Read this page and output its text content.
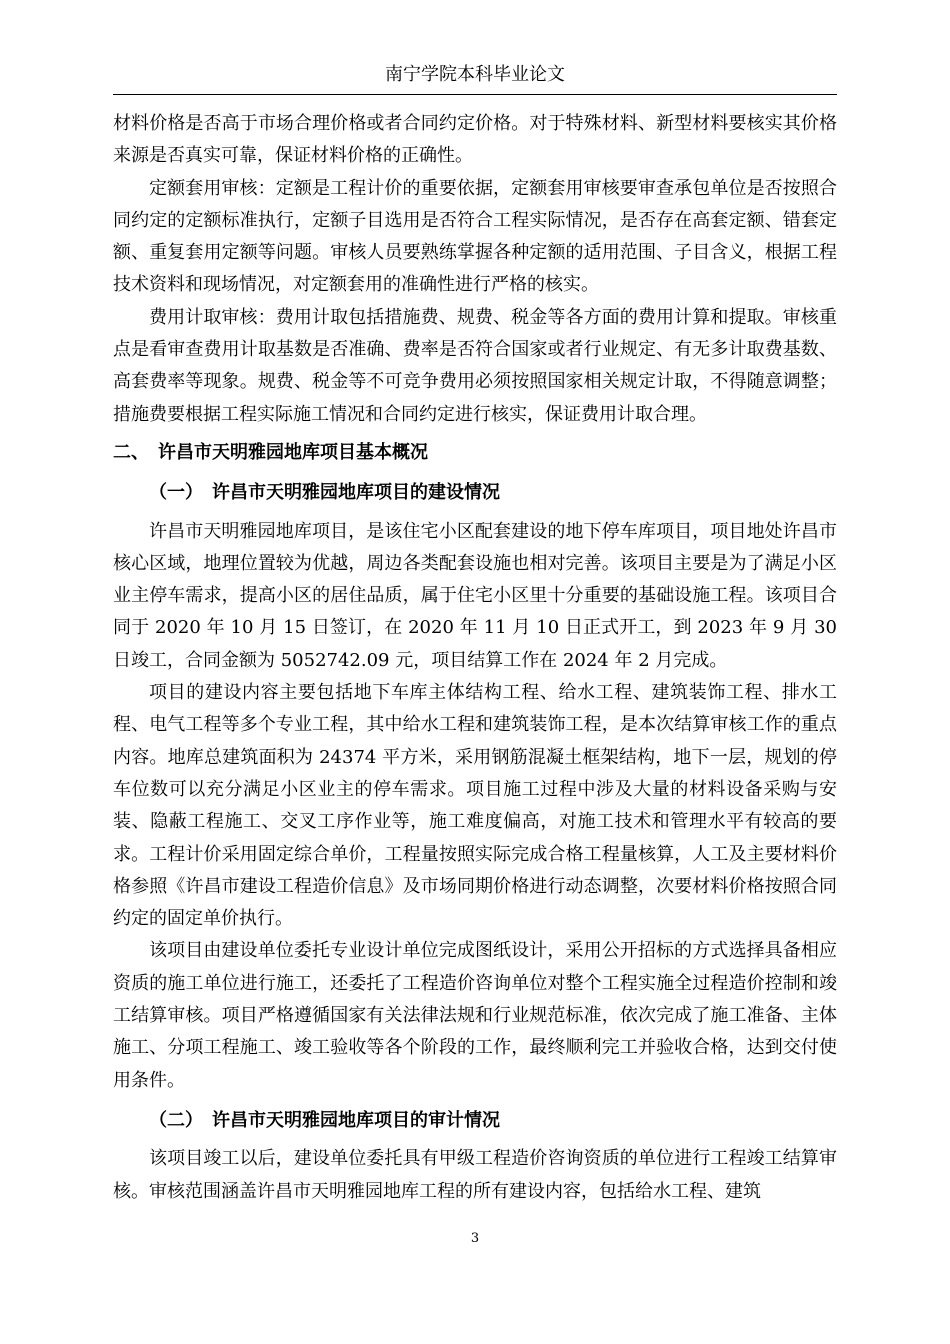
南宁学院本科毕业论文

材料价格是否高于市场合理价格或者合同约定价格。对于特殊材料、新型材料要核实其价格来源是否真实可靠，保证材料价格的正确性。

定额套用审核：定额是工程计价的重要依据，定额套用审核要审查承包单位是否按照合同约定的定额标准执行，定额子目选用是否符合工程实际情况，是否存在高套定额、错套定额、重复套用定额等问题。审核人员要熟练掌握各种定额的适用范围、子目含义，根据工程技术资料和现场情况，对定额套用的准确性进行严格的核实。

费用计取审核：费用计取包括措施费、规费、税金等各方面的费用计算和提取。审核重点是看审查费用计取基数是否准确、费率是否符合国家或者行业规定、有无多计取费基数、高套费率等现象。规费、税金等不可竞争费用必须按照国家相关规定计取，不得随意调整；措施费要根据工程实际施工情况和合同约定进行核实，保证费用计取合理。

二、　许昌市天明雅园地库项目基本概况
（一）　许昌市天明雅园地库项目的建设情况

许昌市天明雅园地库项目，是该住宅小区配套建设的地下停车库项目，项目地处许昌市核心区域，地理位置较为优越，周边各类配套设施也相对完善。该项目主要是为了满足小区业主停车需求，提高小区的居住品质，属于住宅小区里十分重要的基础设施工程。该项目合同于 2020 年 10 月 15 日签订，在 2020 年 11 月 10 日正式开工，到 2023 年 9 月 30 日竣工，合同金额为 5052742.09 元，项目结算工作在 2024 年 2 月完成。

项目的建设内容主要包括地下车库主体结构工程、给水工程、建筑装饰工程、排水工程、电气工程等多个专业工程，其中给水工程和建筑装饰工程，是本次结算审核工作的重点内容。地库总建筑面积为 24374 平方米，采用钢筋混凝土框架结构，地下一层，规划的停车位数可以充分满足小区业主的停车需求。项目施工过程中涉及大量的材料设备采购与安装、隐蔽工程施工、交叉工序作业等，施工难度偏高，对施工技术和管理水平有较高的要求。工程计价采用固定综合单价，工程量按照实际完成合格工程量核算，人工及主要材料价格参照《许昌市建设工程造价信息》及市场同期价格进行动态调整，次要材料价格按照合同约定的固定单价执行。

该项目由建设单位委托专业设计单位完成图纸设计，采用公开招标的方式选择具备相应资质的施工单位进行施工，还委托了工程造价咨询单位对整个工程实施全过程造价控制和竣工结算审核。项目严格遵循国家有关法律法规和行业规范标准，依次完成了施工准备、主体施工、分项工程施工、竣工验收等各个阶段的工作，最终顺利完工并验收合格，达到交付使用条件。

（二）　许昌市天明雅园地库项目的审计情况

该项目竣工以后，建设单位委托具有甲级工程造价咨询资质的单位进行工程竣工结算审核。审核范围涵盖许昌市天明雅园地库工程的所有建设内容，包括给水工程、建筑

3
